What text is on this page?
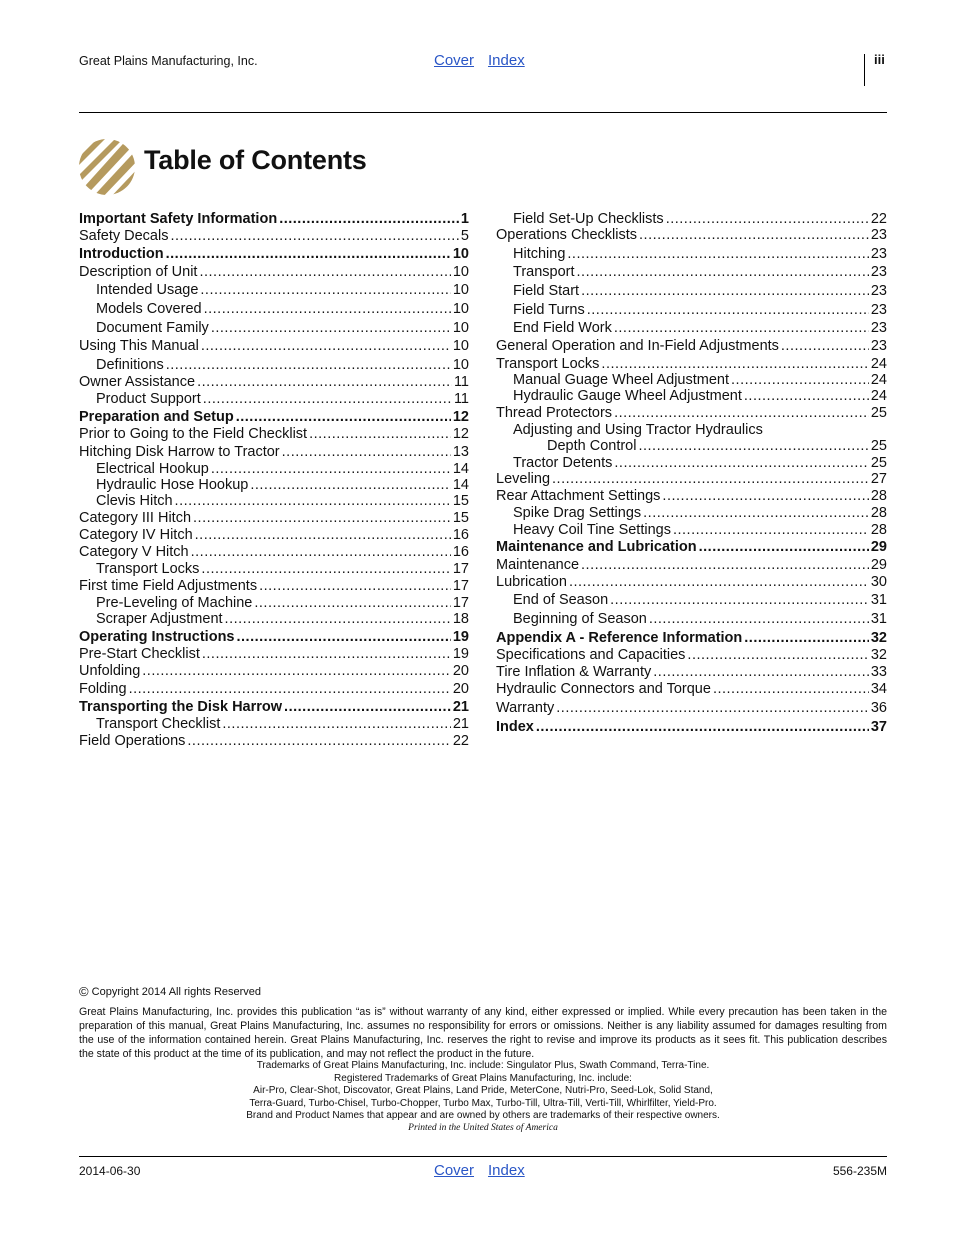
Great Plains Manufacturing, Inc.	Cover Index	iii
Table of Contents
Important Safety Information .....	1
Safety Decals .....	5
Introduction .....	10
Description of Unit .....	10
Intended Usage .....	10
Models Covered .....	10
Document Family .....	10
Using This Manual .....	10
Definitions .....	10
Owner Assistance .....	11
Product Support .....	11
Preparation and Setup .....	12
Prior to Going to the Field Checklist .....	12
Hitching Disk Harrow to Tractor .....	13
Electrical Hookup .....	14
Hydraulic Hose Hookup .....	14
Clevis Hitch .....	15
Category III Hitch .....	15
Category IV Hitch .....	16
Category V Hitch .....	16
Transport Locks .....	17
First time Field Adjustments .....	17
Pre-Leveling of Machine .....	17
Scraper Adjustment .....	18
Operating Instructions .....	19
Pre-Start Checklist .....	19
Unfolding .....	20
Folding .....	20
Transporting the Disk Harrow .....	21
Transport Checklist .....	21
Field Operations .....	22
Field Set-Up Checklists .....	22
Operations Checklists .....	23
Hitching .....	23
Transport .....	23
Field Start .....	23
Field Turns .....	23
End Field Work .....	23
General Operation and In-Field Adjustments .....	23
Transport Locks .....	24
Manual Guage Wheel Adjustment .....	24
Hydraulic Gauge Wheel Adjustment .....	24
Thread Protectors .....	25
Adjusting and Using Tractor Hydraulics
Depth Control .....	25
Tractor Detents .....	25
Leveling .....	27
Rear Attachment Settings .....	28
Spike Drag Settings .....	28
Heavy Coil Tine Settings .....	28
Maintenance and Lubrication .....	29
Maintenance .....	29
Lubrication .....	30
End of Season .....	31
Beginning of Season .....	31
Appendix A - Reference Information .....	32
Specifications and Capacities .....	32
Tire Inflation & Warranty .....	33
Hydraulic Connectors and Torque .....	34
Warranty .....	36
Index .....	37
© Copyright 2014 All rights Reserved
Great Plains Manufacturing, Inc. provides this publication “as is” without warranty of any kind, either expressed or implied. While every precaution has been taken in the preparation of this manual, Great Plains Manufacturing, Inc. assumes no responsibility for errors or omissions. Neither is any liability assumed for damages resulting from the use of the information contained herein. Great Plains Manufacturing, Inc. reserves the right to revise and improve its products as it sees fit. This publication describes the state of this product at the time of its publication, and may not reflect the product in the future.
Trademarks of Great Plains Manufacturing, Inc. include: Singulator Plus, Swath Command, Terra-Tine.
Registered Trademarks of Great Plains Manufacturing, Inc. include:
Air-Pro, Clear-Shot, Discovator, Great Plains, Land Pride, MeterCone, Nutri-Pro, Seed-Lok, Solid Stand,
Terra-Guard, Turbo-Chisel, Turbo-Chopper, Turbo Max, Turbo-Till, Ultra-Till, Verti-Till, Whirlfilter, Yield-Pro.
Brand and Product Names that appear and are owned by others are trademarks of their respective owners.
Printed in the United States of America
2014-06-30	Cover Index	556-235M
